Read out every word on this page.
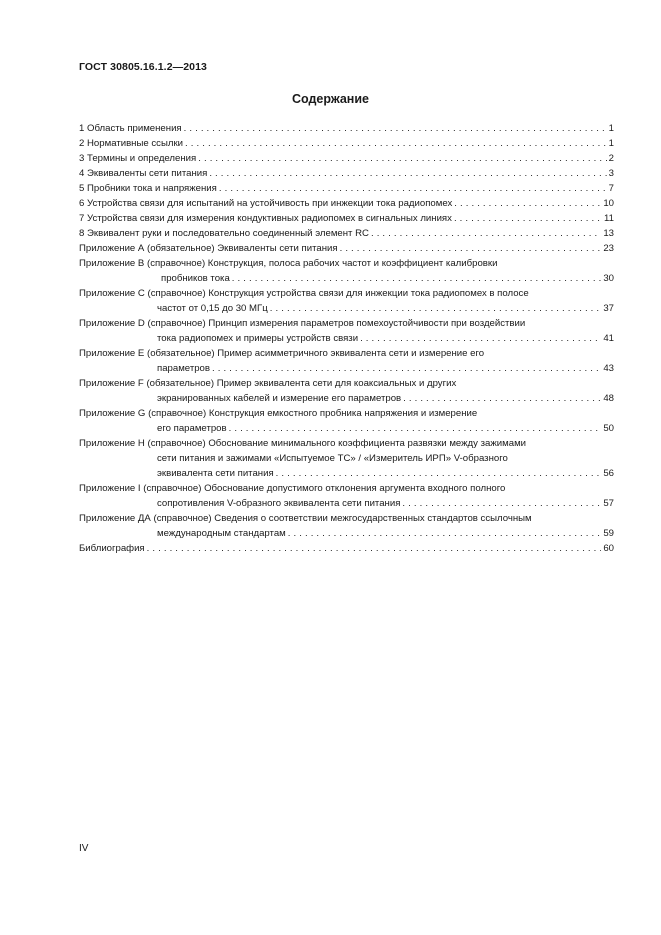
ГОСТ 30805.16.1.2—2013
Содержание
1 Область применения . . .	1
2 Нормативные ссылки . . .	1
3 Термины и определения . . .	2
4 Эквиваленты сети питания . . .	3
5 Пробники тока и напряжения . . .	7
6 Устройства связи для испытаний на устойчивость при инжекции тока радиопомех . . .	10
7 Устройства связи для измерения кондуктивных радиопомех в сигнальных линиях . . .	11
8 Эквивалент руки и последовательно соединенный элемент RC . . .	13
Приложение А (обязательное) Эквиваленты сети питания . . .	23
Приложение В (справочное) Конструкция, полоса рабочих частот и коэффициент калибровки
пробников тока . . .	30
Приложение С (справочное) Конструкция устройства связи для инжекции тока радиопомех в полосе
частот от 0,15 до 30 МГц . . .	37
Приложение D (справочное) Принцип измерения параметров помехоустойчивости при воздействии
тока радиопомех и примеры устройств связи . . .	41
Приложение Е (обязательное) Пример асимметричного эквивалента сети и измерение его
параметров . . .	43
Приложение F (обязательное) Пример эквивалента сети для коаксиальных и других
экранированных кабелей и измерение его параметров . . .	48
Приложение G (справочное) Конструкция емкостного пробника напряжения и измерение
его параметров . . .	50
Приложение Н (справочное) Обоснование минимального коэффициента развязки между зажимами
сети питания и зажимами «Испытуемое ТС» / «Измеритель ИРП» V-образного
эквивалента сети питания . . .	56
Приложение I (справочное) Обоснование допустимого отклонения аргумента входного полного
сопротивления V-образного эквивалента сети питания . . .	57
Приложение ДА (справочное) Сведения о соответствии межгосударственных стандартов ссылочным
международным стандартам . . .	59
Библиография . . .	60
IV
